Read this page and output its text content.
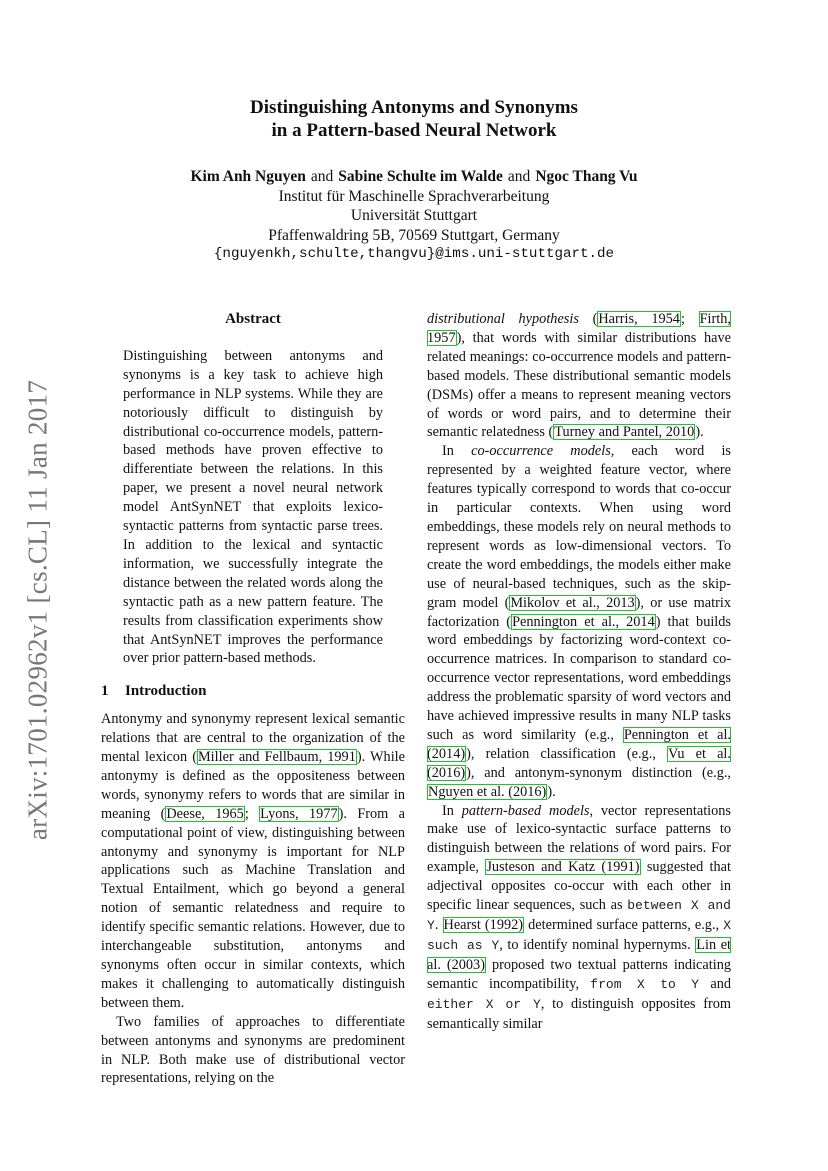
arXiv:1701.02962v1 [cs.CL] 11 Jan 2017
Distinguishing Antonyms and Synonyms
in a Pattern-based Neural Network
Kim Anh Nguyen and Sabine Schulte im Walde and Ngoc Thang Vu
Institut für Maschinelle Sprachverarbeitung
Universität Stuttgart
Pfaffenwaldring 5B, 70569 Stuttgart, Germany
{nguyenkh,schulte,thangvu}@ims.uni-stuttgart.de
Abstract

Distinguishing between antonyms and synonyms is a key task to achieve high performance in NLP systems. While they are notoriously difficult to distinguish by distributional co-occurrence models, pattern-based methods have proven effective to differentiate between the relations. In this paper, we present a novel neural network model AntSynNET that exploits lexico-syntactic patterns from syntactic parse trees. In addition to the lexical and syntactic information, we successfully integrate the distance between the related words along the syntactic path as a new pattern feature. The results from classification experiments show that AntSynNET improves the performance over prior pattern-based methods.

1 Introduction

Antonymy and synonymy represent lexical semantic relations that are central to the organization of the mental lexicon (Miller and Fellbaum, 1991). While antonymy is defined as the oppositeness between words, synonymy refers to words that are similar in meaning (Deese, 1965; Lyons, 1977). From a computational point of view, distinguishing between antonymy and synonymy is important for NLP applications such as Machine Translation and Textual Entailment, which go beyond a general notion of semantic relatedness and require to identify specific semantic relations. However, due to interchangeable substitution, antonyms and synonyms often occur in similar contexts, which makes it challenging to automatically distinguish between them.

Two families of approaches to differentiate between antonyms and synonyms are predominent in NLP. Both make use of distributional vector representations, relying on the

distributional hypothesis (Harris, 1954; Firth, 1957), that words with similar distributions have related meanings: co-occurrence models and pattern-based models. These distributional semantic models (DSMs) offer a means to represent meaning vectors of words or word pairs, and to determine their semantic relatedness (Turney and Pantel, 2010).

In co-occurrence models, each word is represented by a weighted feature vector, where features typically correspond to words that co-occur in particular contexts. When using word embeddings, these models rely on neural methods to represent words as low-dimensional vectors. To create the word embeddings, the models either make use of neural-based techniques, such as the skip-gram model (Mikolov et al., 2013), or use matrix factorization (Pennington et al., 2014) that builds word embeddings by factorizing word-context co-occurrence matrices. In comparison to standard co-occurrence vector representations, word embeddings address the problematic sparsity of word vectors and have achieved impressive results in many NLP tasks such as word similarity (e.g., Pennington et al. (2014)), relation classification (e.g., Vu et al. (2016)), and antonym-synonym distinction (e.g., Nguyen et al. (2016)).

In pattern-based models, vector representations make use of lexico-syntactic surface patterns to distinguish between the relations of word pairs. For example, Justeson and Katz (1991) suggested that adjectival opposites co-occur with each other in specific linear sequences, such as between X and Y. Hearst (1992) determined surface patterns, e.g., X such as Y, to identify nominal hypernyms. Lin et al. (2003) proposed two textual patterns indicating semantic incompatibility, from X to Y and either X or Y, to distinguish opposites from semantically similar
